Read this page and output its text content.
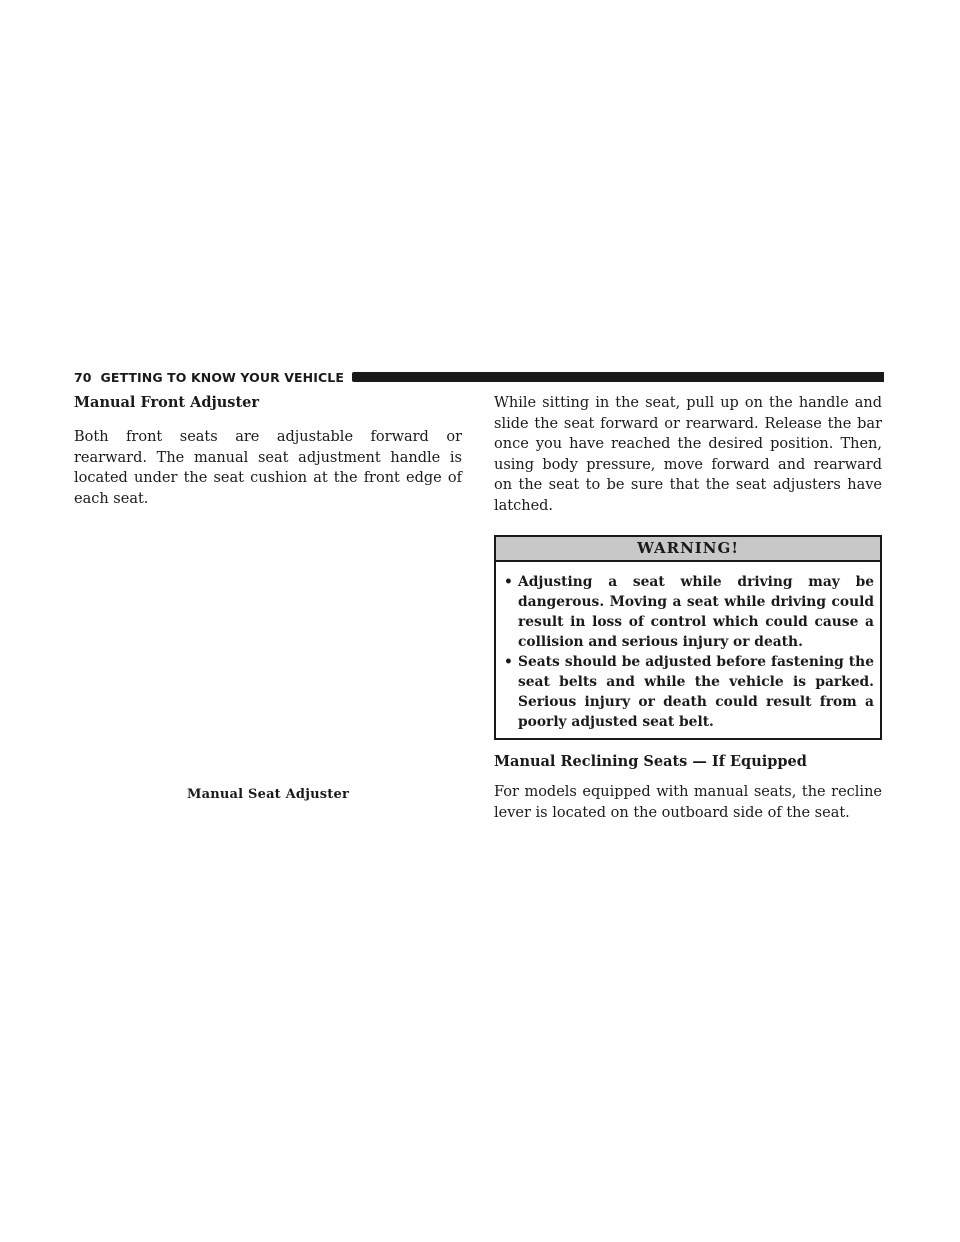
70 GETTING TO KNOW YOUR VEHICLE
Manual Front Adjuster

Both front seats are adjustable forward or rearward. The manual seat adjustment handle is located under the seat cushion at the front edge of each seat.

Manual Seat Adjuster

While sitting in the seat, pull up on the handle and slide the seat forward or rearward. Release the bar once you have reached the desired position. Then, using body pressure, move forward and rearward on the seat to be sure that the seat adjusters have latched.

WARNING!
• Adjusting a seat while driving may be dangerous. Moving a seat while driving could result in loss of control which could cause a collision and serious injury or death.
• Seats should be adjusted before fastening the seat belts and while the vehicle is parked. Serious injury or death could result from a poorly adjusted seat belt.
Manual Reclining Seats — If Equipped

For models equipped with manual seats, the recline lever is located on the outboard side of the seat.
